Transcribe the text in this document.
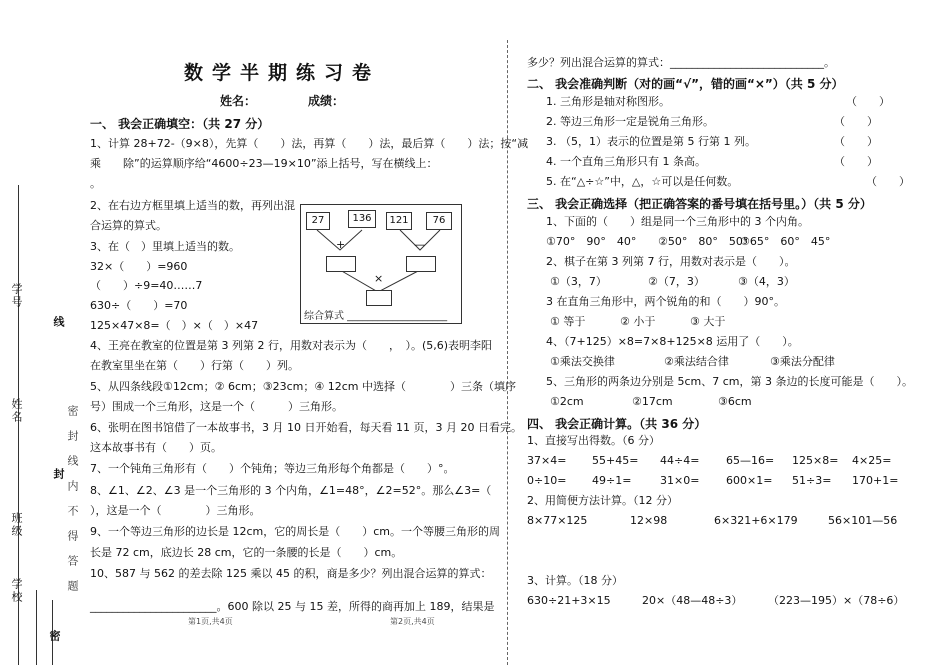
学校
班级
姓名
学号
线
封
密
密封线内不得答题
数学半期练习卷
姓名：	成绩：
一、 我会正确填空：（共 27 分）
1、计算 28+72-（9×8），先算（　　）法，再算（　　）法，最后算（　　）法；按“减
乘　　除”的运算顺序给“4600÷23—19×10”添上括号，写在横线上：
。
2、在右边方框里填上适当的数，再列出混
合运算的算式。
3、在（　）里填上适当的数。
32×（　　）=960
（　　）÷9=40……7
630÷（　　）=70
125×47×8=（　）×（　）×47
27	136	121	76
+	—
×
综合算式 ____________________
4、王亮在教室的位置是第 3 列第 2 行，用数对表示为（　　，　）。(5,6)表明李阳
在教室里坐在第（　　）行第（　　）列。
5、从四条线段①12cm；② 6cm；③23cm；④ 12cm 中选择（　　　　）三条（填序
号）围成一个三角形，这是一个（　　　）三角形。
6、张明在图书馆借了一本故事书，3 月 10 日开始看，每天看 11 页，3 月 20 日看完。
这本故事书有（　　）页。
7、一个钝角三角形有（　　）个钝角；等边三角形每个角都是（　　）°。
8、∠1、∠2、∠3 是一个三角形的 3 个内角，∠1=48°，∠2=52°。那么∠3=（
），这是一个（　　　　）三角形。
9、一个等边三角形的边长是 12cm，它的周长是（　　）cm。一个等腰三角形的周
长是 72 cm，底边长 28 cm，它的一条腰的长是（　　）cm。
10、587 与 562 的差去除 125 乘以 45 的积，商是多少？列出混合运算的算式：
_______________________。600 除以 25 与 15 差，所得的商再加上 189，结果是
第1页,共4页
多少？列出混合运算的算式：____________________________。
二、 我会准确判断（对的画“√”，错的画“×”）（共 5 分）
1. 三角形是轴对称图形。	（　　）
2. 等边三角形一定是锐角三角形。	（　　）
3. （5，1）表示的位置是第 5 行第 1 列。	（　　）
4. 一个直角三角形只有 1 条高。	（　　）
5. 在“△÷☆”中，△，☆可以是任何数。	（　　）
三、 我会正确选择（把正确答案的番号填在括号里。）（共 5 分）
1、下面的（　　）组是同一个三角形中的 3 个内角。
①70°　90°　40° ②50°　80°　50°
③65°　60°　45°
2、棋子在第 3 列第 7 行，用数对表示是（　　）。
①（3，7）	②（7，3）	③（4，3）
3 在直角三角形中，两个锐角的和（　　）90°。
① 等于	② 小于	③ 大于
4、（7+125）×8=7×8+125×8 运用了（　　）。
①乘法交换律	②乘法结合律	③乘法分配律
5、三角形的两条边分别是 5cm、7 cm，第 3 条边的长度可能是（　　）。
①2cm	②17cm	③6cm
四、 我会正确计算。（共 36 分）
1、直接写出得数。（6 分）
37×4= 55+45= 44÷4= 65—16= 125×8= 4×25=
0÷10= 49÷1=	31×0= 600×1= 51÷3= 170+1=
2、用简便方法计算。（12 分）
8×77×125	12×98	6×321+6×179	56×101—56
3、计算。（18 分）
630÷21+3×15	20×（48—48÷3） （223—195）×（78÷6）
第2页,共4页
